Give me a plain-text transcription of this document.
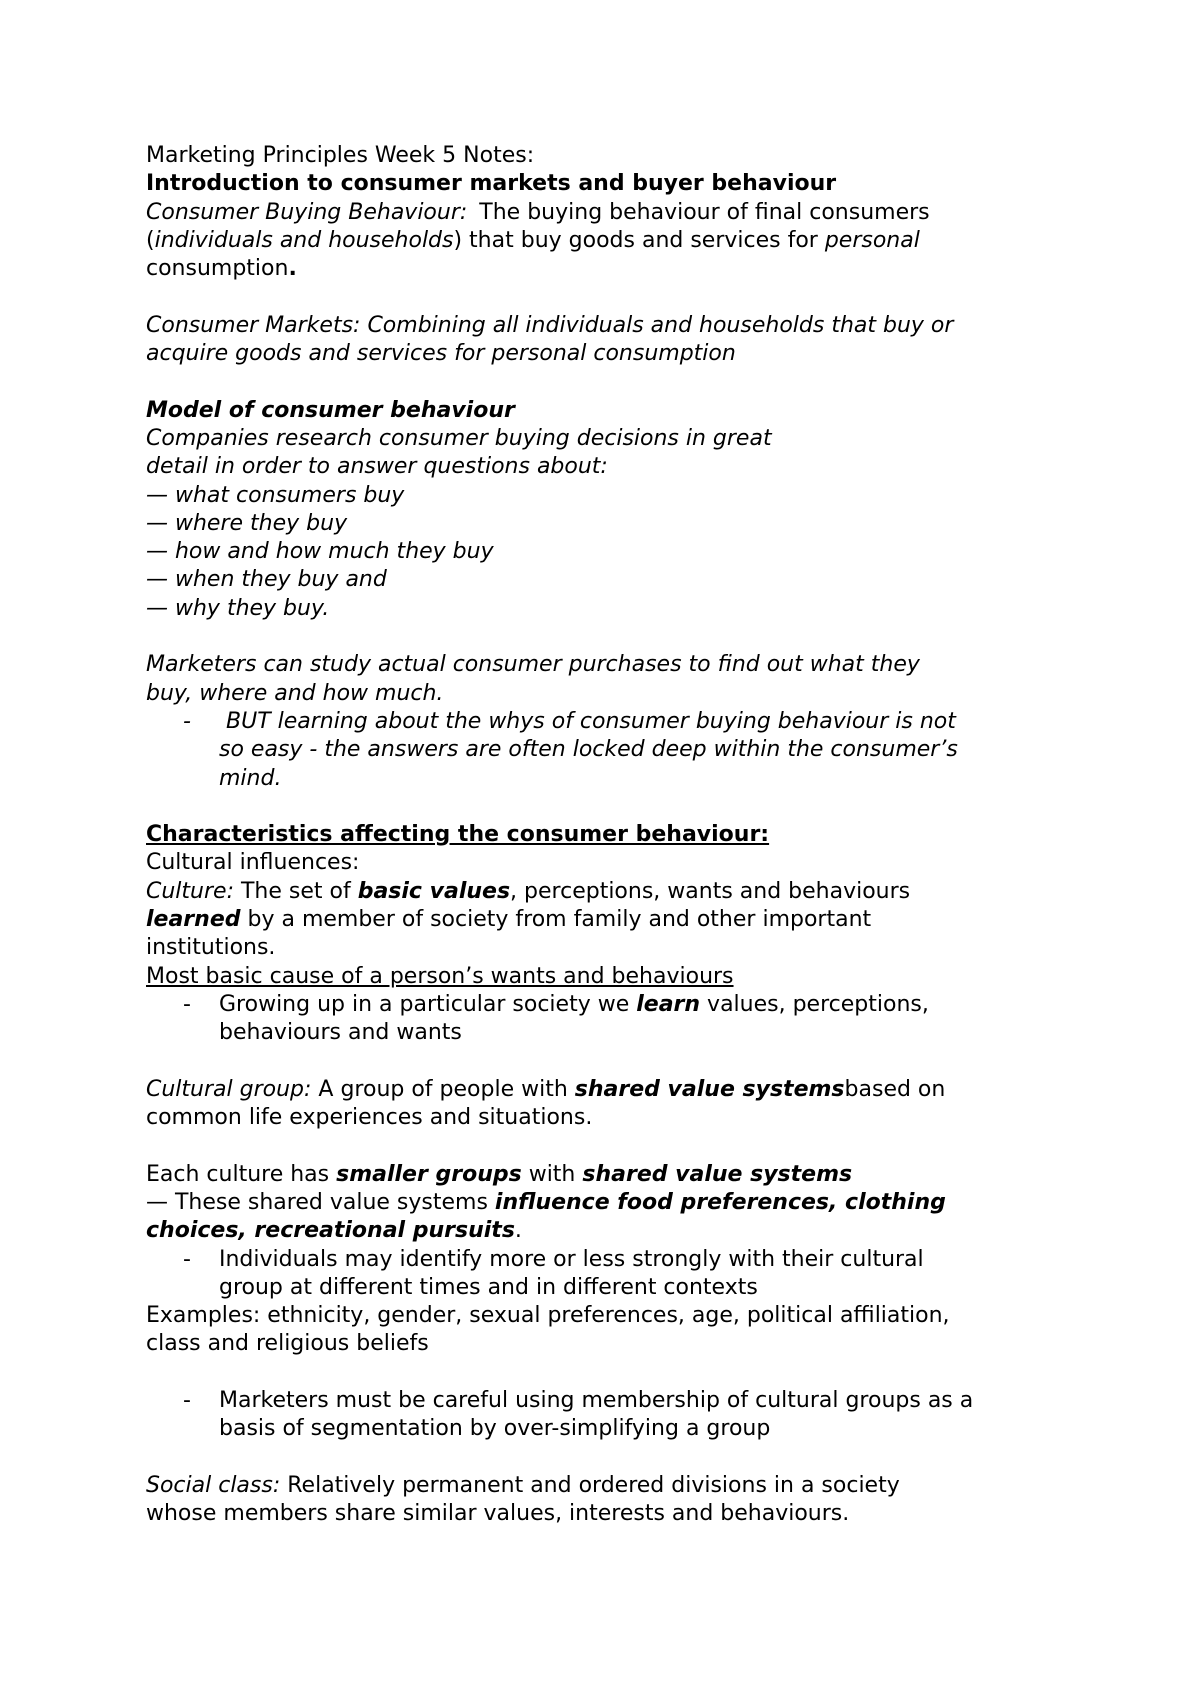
Marketing Principles Week 5 Notes:
Introduction to consumer markets and buyer behaviour
Consumer Buying Behaviour: The buying behaviour of final consumers
(individuals and households) that buy goods and services for personal
consumption.
Consumer Markets: Combining all individuals and households that buy or
acquire goods and services for personal consumption
Model of consumer behaviour
Companies research consumer buying decisions in great
detail in order to answer questions about:
— what consumers buy
— where they buy
— how and how much they buy
— when they buy and
— why they buy.
Marketers can study actual consumer purchases to find out what they
buy, where and how much.
- BUT learning about the whys of consumer buying behaviour is not
so easy - the answers are often locked deep within the consumer’s
mind.
Characteristics affecting the consumer behaviour:
Cultural influences:
Culture: The set of basic values, perceptions, wants and behaviours
learned by a member of society from family and other important
institutions.
Most basic cause of a person’s wants and behaviours
- Growing up in a particular society we learn values, perceptions,
behaviours and wants
Cultural group: A group of people with shared value systemsbased on
common life experiences and situations.
Each culture has smaller groups with shared value systems
— These shared value systems influence food preferences, clothing
choices, recreational pursuits.
- Individuals may identify more or less strongly with their cultural
group at different times and in different contexts
Examples: ethnicity, gender, sexual preferences, age, political affiliation,
class and religious beliefs
- Marketers must be careful using membership of cultural groups as a
basis of segmentation by over-simplifying a group
Social class: Relatively permanent and ordered divisions in a society
whose members share similar values, interests and behaviours.
